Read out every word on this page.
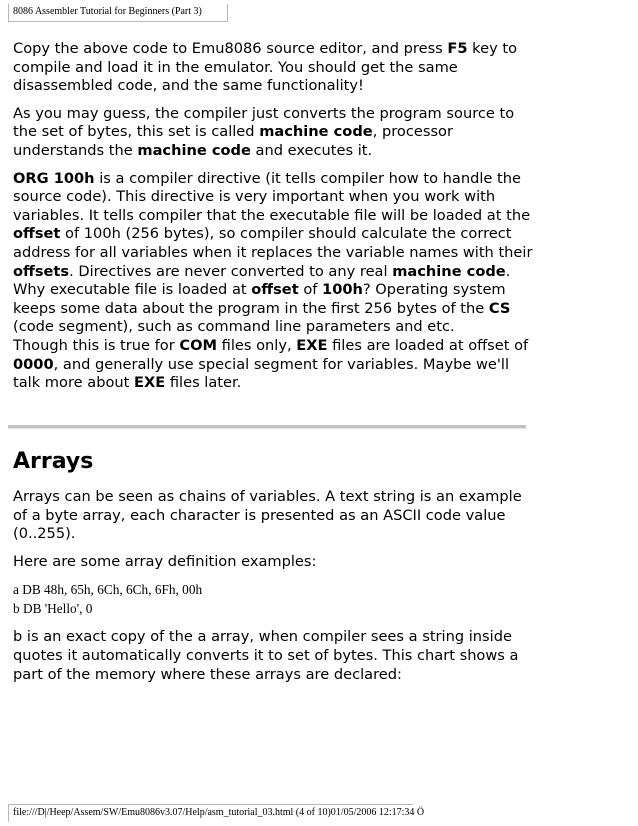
8086 Assembler Tutorial for Beginners (Part 3)

Copy the above code to Emu8086 source editor, and press F5 key to compile and load it in the emulator. You should get the same disassembled code, and the same functionality!

As you may guess, the compiler just converts the program source to the set of bytes, this set is called machine code, processor understands the machine code and executes it.

ORG 100h is a compiler directive (it tells compiler how to handle the source code). This directive is very important when you work with variables. It tells compiler that the executable file will be loaded at the offset of 100h (256 bytes), so compiler should calculate the correct address for all variables when it replaces the variable names with their offsets. Directives are never converted to any real machine code.
Why executable file is loaded at offset of 100h? Operating system keeps some data about the program in the first 256 bytes of the CS (code segment), such as command line parameters and etc.
Though this is true for COM files only, EXE files are loaded at offset of 0000, and generally use special segment for variables. Maybe we'll talk more about EXE files later.

Arrays

Arrays can be seen as chains of variables. A text string is an example of a byte array, each character is presented as an ASCII code value (0..255).

Here are some array definition examples:

a DB 48h, 65h, 6Ch, 6Ch, 6Fh, 00h
b DB 'Hello', 0

b is an exact copy of the a array, when compiler sees a string inside quotes it automatically converts it to set of bytes. This chart shows a part of the memory where these arrays are declared:

file:///D|/Heep/Assem/SW/Emu8086v3.07/Help/asm_tutorial_03.html (4 of 10)01/05/2006 12:17:34 Ö
